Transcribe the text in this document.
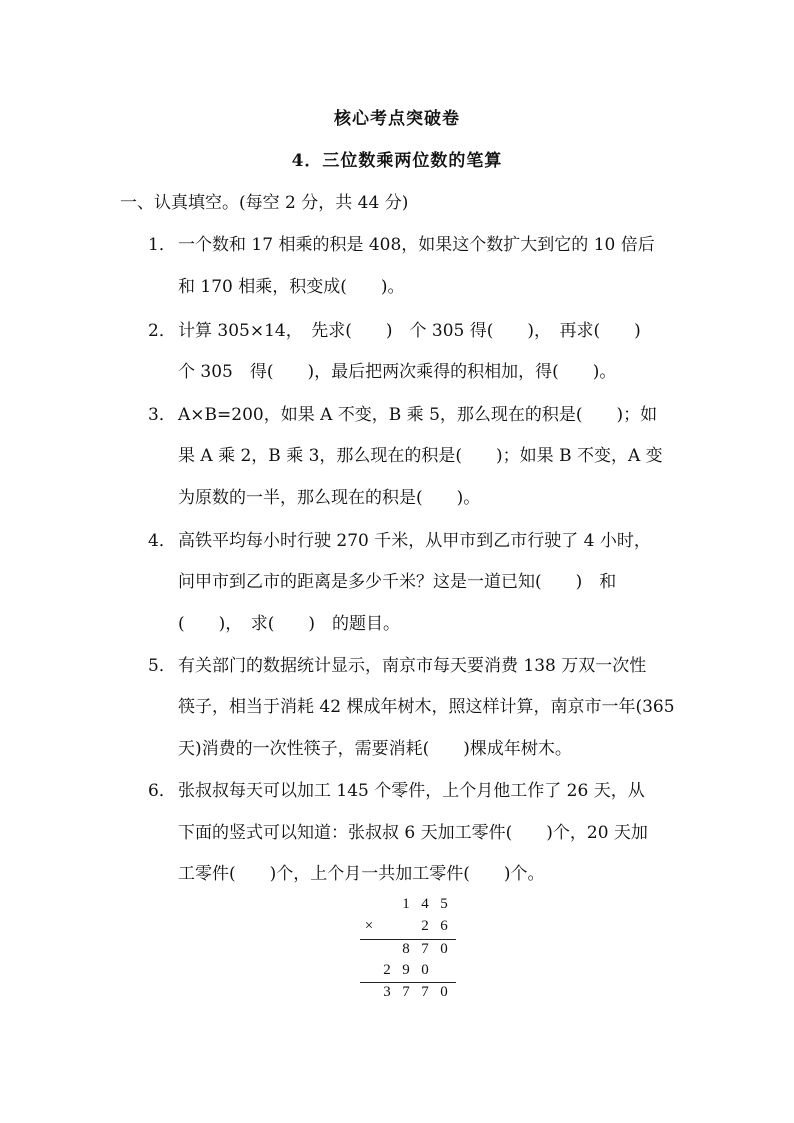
核心考点突破卷
4．三位数乘两位数的笔算
一、认真填空。(每空 2 分，共 44 分)
1． 一个数和 17 相乘的积是 408，如果这个数扩大到它的 10 倍后
和 170 相乘，积变成(　　)。
2． 计算 305×14，　先求(　　)　个 305 得(　　)，　再求(　　)
个 305　得(　　)，最后把两次乘得的积相加，得(　　)。
3． A×B=200，如果 A 不变，B 乘 5，那么现在的积是(　　)；如
果 A 乘 2，B 乘 3，那么现在的积是(　　)；如果 B 不变，A 变
为原数的一半，那么现在的积是(　　)。
4． 高铁平均每小时行驶 270 千米，从甲市到乙市行驶了 4 小时，
问甲市到乙市的距离是多少千米？这是一道已知(　　)　和
(　　)，　求(　　)　的题目。
5． 有关部门的数据统计显示，南京市每天要消费 138 万双一次性
筷子，相当于消耗 42 棵成年树木，照这样计算，南京市一年(365
天)消费的一次性筷子，需要消耗(　　)棵成年树木。
6． 张叔叔每天可以加工 145 个零件，上个月他工作了 26 天，从
下面的竖式可以知道：张叔叔 6 天加工零件(　　)个，20 天加
工零件(　　)个，上个月一共加工零件(　　)个。
1 4 5
×	2 6
8 7 0
2 9 0
3 7 7 0
